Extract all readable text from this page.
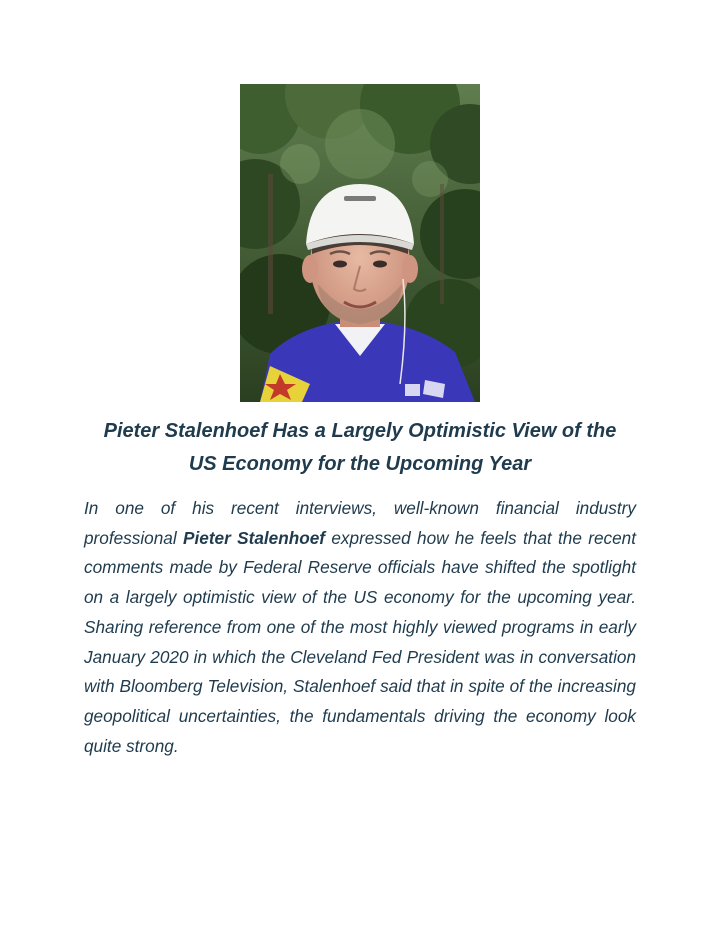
Pieter Stalenhoef Has a Largely Optimistic View of the
US Economy for the Upcoming Year

In one of his recent interviews, well-known financial industry professional Pieter Stalenhoef expressed how he feels that the recent comments made by Federal Reserve officials have shifted the spotlight on a largely optimistic view of the US economy for the upcoming year. Sharing reference from one of the most highly viewed programs in early January 2020 in which the Cleveland Fed President was in conversation with Bloomberg Television, Stalenhoef said that in spite of the increasing geopolitical uncertainties, the fundamentals driving the economy look quite strong.
